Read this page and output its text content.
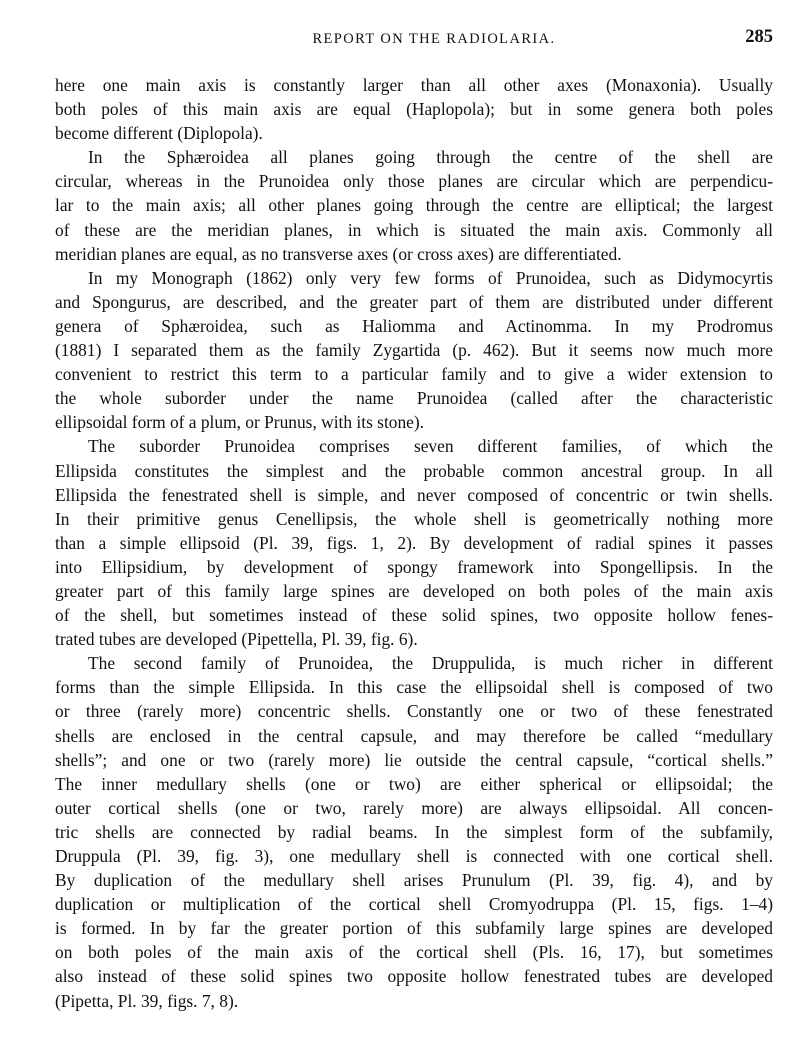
REPORT ON THE RADIOLARIA.	285
here one main axis is constantly larger than all other axes (Monaxonia). Usually
both poles of this main axis are equal (Haplopola); but in some genera both poles
become different (Diplopola).
In the Sphæroidea all planes going through the centre of the shell are
circular, whereas in the Prunoidea only those planes are circular which are perpendicu-
lar to the main axis; all other planes going through the centre are elliptical; the largest
of these are the meridian planes, in which is situated the main axis. Commonly all
meridian planes are equal, as no transverse axes (or cross axes) are differentiated.
In my Monograph (1862) only very few forms of Prunoidea, such as Didymocyrtis
and Spongurus, are described, and the greater part of them are distributed under different
genera of Sphæroidea, such as Haliomma and Actinomma. In my Prodromus
(1881) I separated them as the family Zygartida (p. 462). But it seems now much more
convenient to restrict this term to a particular family and to give a wider extension to
the whole suborder under the name Prunoidea (called after the characteristic
ellipsoidal form of a plum, or Prunus, with its stone).
The suborder Prunoidea comprises seven different families, of which the
Ellipsida constitutes the simplest and the probable common ancestral group. In all
Ellipsida the fenestrated shell is simple, and never composed of concentric or twin shells.
In their primitive genus Cenellipsis, the whole shell is geometrically nothing more
than a simple ellipsoid (Pl. 39, figs. 1, 2). By development of radial spines it passes
into Ellipsidium, by development of spongy framework into Spongellipsis. In the
greater part of this family large spines are developed on both poles of the main axis
of the shell, but sometimes instead of these solid spines, two opposite hollow fenes-
trated tubes are developed (Pipettella, Pl. 39, fig. 6).
The second family of Prunoidea, the Druppulida, is much richer in different
forms than the simple Ellipsida. In this case the ellipsoidal shell is composed of two
or three (rarely more) concentric shells. Constantly one or two of these fenestrated
shells are enclosed in the central capsule, and may therefore be called “medullary
shells”; and one or two (rarely more) lie outside the central capsule, “cortical shells.”
The inner medullary shells (one or two) are either spherical or ellipsoidal; the
outer cortical shells (one or two, rarely more) are always ellipsoidal. All concen-
tric shells are connected by radial beams. In the simplest form of the subfamily,
Druppula (Pl. 39, fig. 3), one medullary shell is connected with one cortical shell.
By duplication of the medullary shell arises Prunulum (Pl. 39, fig. 4), and by
duplication or multiplication of the cortical shell Cromyodruppa (Pl. 15, figs. 1–4)
is formed. In by far the greater portion of this subfamily large spines are developed
on both poles of the main axis of the cortical shell (Pls. 16, 17), but sometimes
also instead of these solid spines two opposite hollow fenestrated tubes are developed
(Pipetta, Pl. 39, figs. 7, 8).
